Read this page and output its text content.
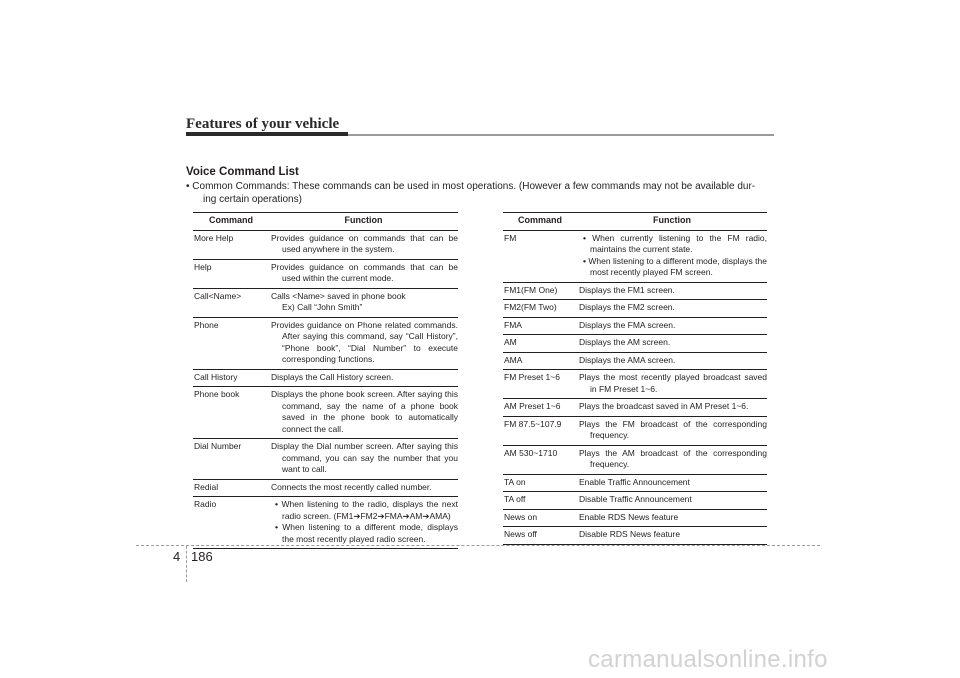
Features of your vehicle
Voice Command List
• Common Commands: These commands can be used in most operations. (However a few commands may not be available dur-
ing certain operations)
Command	Function
More Help	Provides guidance on commands that can be used anywhere in the system.

Help	Provides guidance on commands that can be used within the current mode.

Call<Name>	Calls <Name> saved in phone book
Ex) Call “John Smith”

Phone	Provides guidance on Phone related commands. After saying this command, say “Call History”, “Phone book”, “Dial Number” to execute corresponding functions.

Call History	Displays the Call History screen.

Phone book	Displays the phone book screen. After saying this command, say the name of a phone book saved in the phone book to automatically connect the call.

Dial Number	Display the Dial number screen. After saying this command, you can say the number that you want to call.

Redial	Connects the most recently called number.

Radio	• When listening to the radio, displays the next radio screen. (FM1➔FM2➔FMA➔AM➔AMA)
• When listening to a different mode, displays the most recently played radio screen.
Command	Function
FM	• When currently listening to the FM radio, maintains the current state.
• When listening to a different mode, displays the most recently played FM screen.

FM1(FM One)	Displays the FM1 screen.

FM2(FM Two)	Displays the FM2 screen.

FMA	Displays the FMA screen.

AM	Displays the AM screen.

AMA	Displays the AMA screen.

FM Preset 1~6	Plays the most recently played broadcast saved in FM Preset 1~6.

AM Preset 1~6	Plays the broadcast saved in AM Preset 1~6.

FM 87.5~107.9	Plays the FM broadcast of the corresponding frequency.

AM 530~1710	Plays the AM broadcast of the corresponding frequency.

TA on	Enable Traffic Announcement

TA off	Disable Traffic Announcement

News on	Enable RDS News feature

News off	Disable RDS News feature
4 186
carmanualsonline.info
